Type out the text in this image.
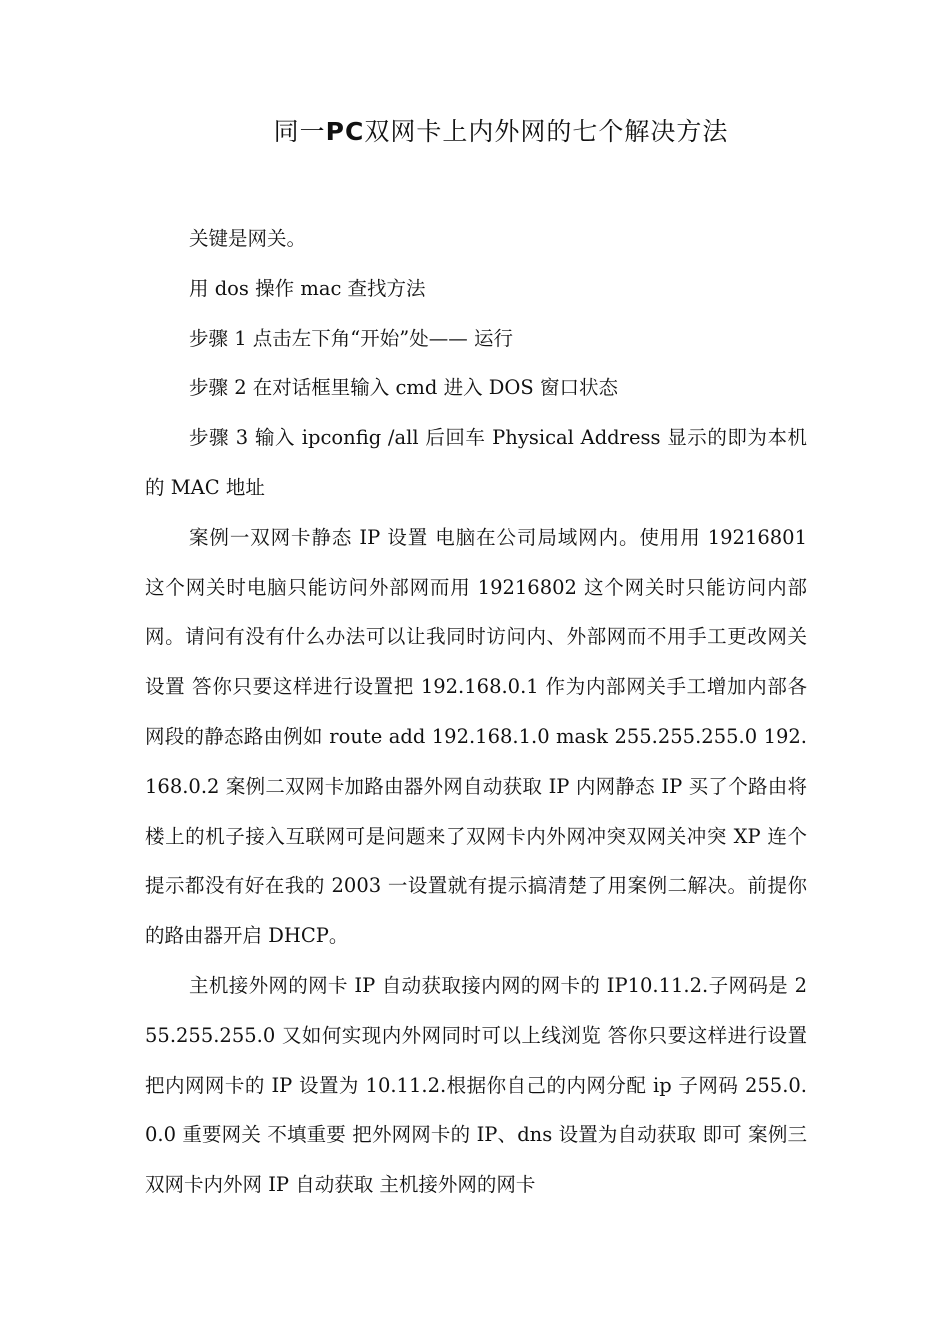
同一PC双网卡上内外网的七个解决方法

关键是网关。

用 dos 操作 mac 查找方法

步骤 1 点击左下角“开始”处—— 运行

步骤 2 在对话框里输入 cmd 进入 DOS 窗口状态

步骤 3 输入 ipconfig /all 后回车 Physical Address 显示的即为本机的 MAC 地址

案例一双网卡静态 IP 设置 电脑在公司局域网内。使用用 19216801 这个网关时电脑只能访问外部网而用 19216802 这个网关时只能访问内部网。请问有没有什么办法可以让我同时访问内、外部网而不用手工更改网关设置 答你只要这样进行设置把 192.168.0.1 作为内部网关手工增加内部各网段的静态路由例如 route add 192.168.1.0 mask 255.255.255.0 192.168.0.2 案例二双网卡加路由器外网自动获取 IP 内网静态 IP 买了个路由将楼上的机子接入互联网可是问题来了双网卡内外网冲突双网关冲突 XP 连个提示都没有好在我的 2003 一设置就有提示搞清楚了用案例二解决。前提你的路由器开启 DHCP。

主机接外网的网卡 IP 自动获取接内网的网卡的 IP10.11.2.子网码是 255.255.255.0 又如何实现内外网同时可以上线浏览 答你只要这样进行设置把内网网卡的 IP 设置为 10.11.2.根据你自己的内网分配 ip 子网码 255.0.0.0 重要网关 不填重要 把外网网卡的 IP、dns 设置为自动获取 即可 案例三双网卡内外网 IP 自动获取 主机接外网的网卡
